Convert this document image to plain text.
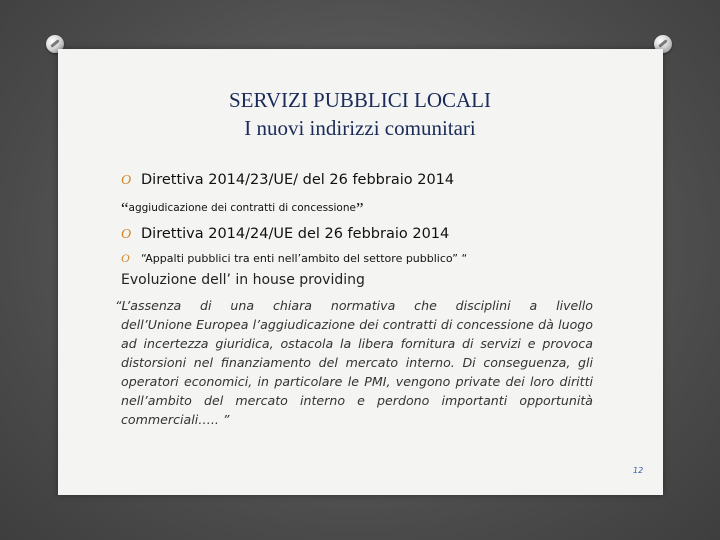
SERVIZI PUBBLICI LOCALI
I nuovi indirizzi comunitari
O Direttiva 2014/23/UE/ del 26 febbraio 2014
“aggiudicazione dei contratti di concessione”
O Direttiva 2014/24/UE del 26 febbraio 2014
O “Appalti pubblici tra enti nell’ambito del settore pubblico” “
Evoluzione dell’ in house providing
“L’assenza di una chiara normativa che disciplini a livello
dell’Unione Europea l’aggiudicazione dei contratti di concessione dà luogo ad incertezza giuridica, ostacola la libera fornitura di servizi e provoca distorsioni nel finanziamento del mercato interno. Di conseguenza, gli operatori economici, in particolare le PMI, vengono private dei loro diritti nell’ambito del mercato interno e perdono importanti opportunità commerciali….. ”
12
